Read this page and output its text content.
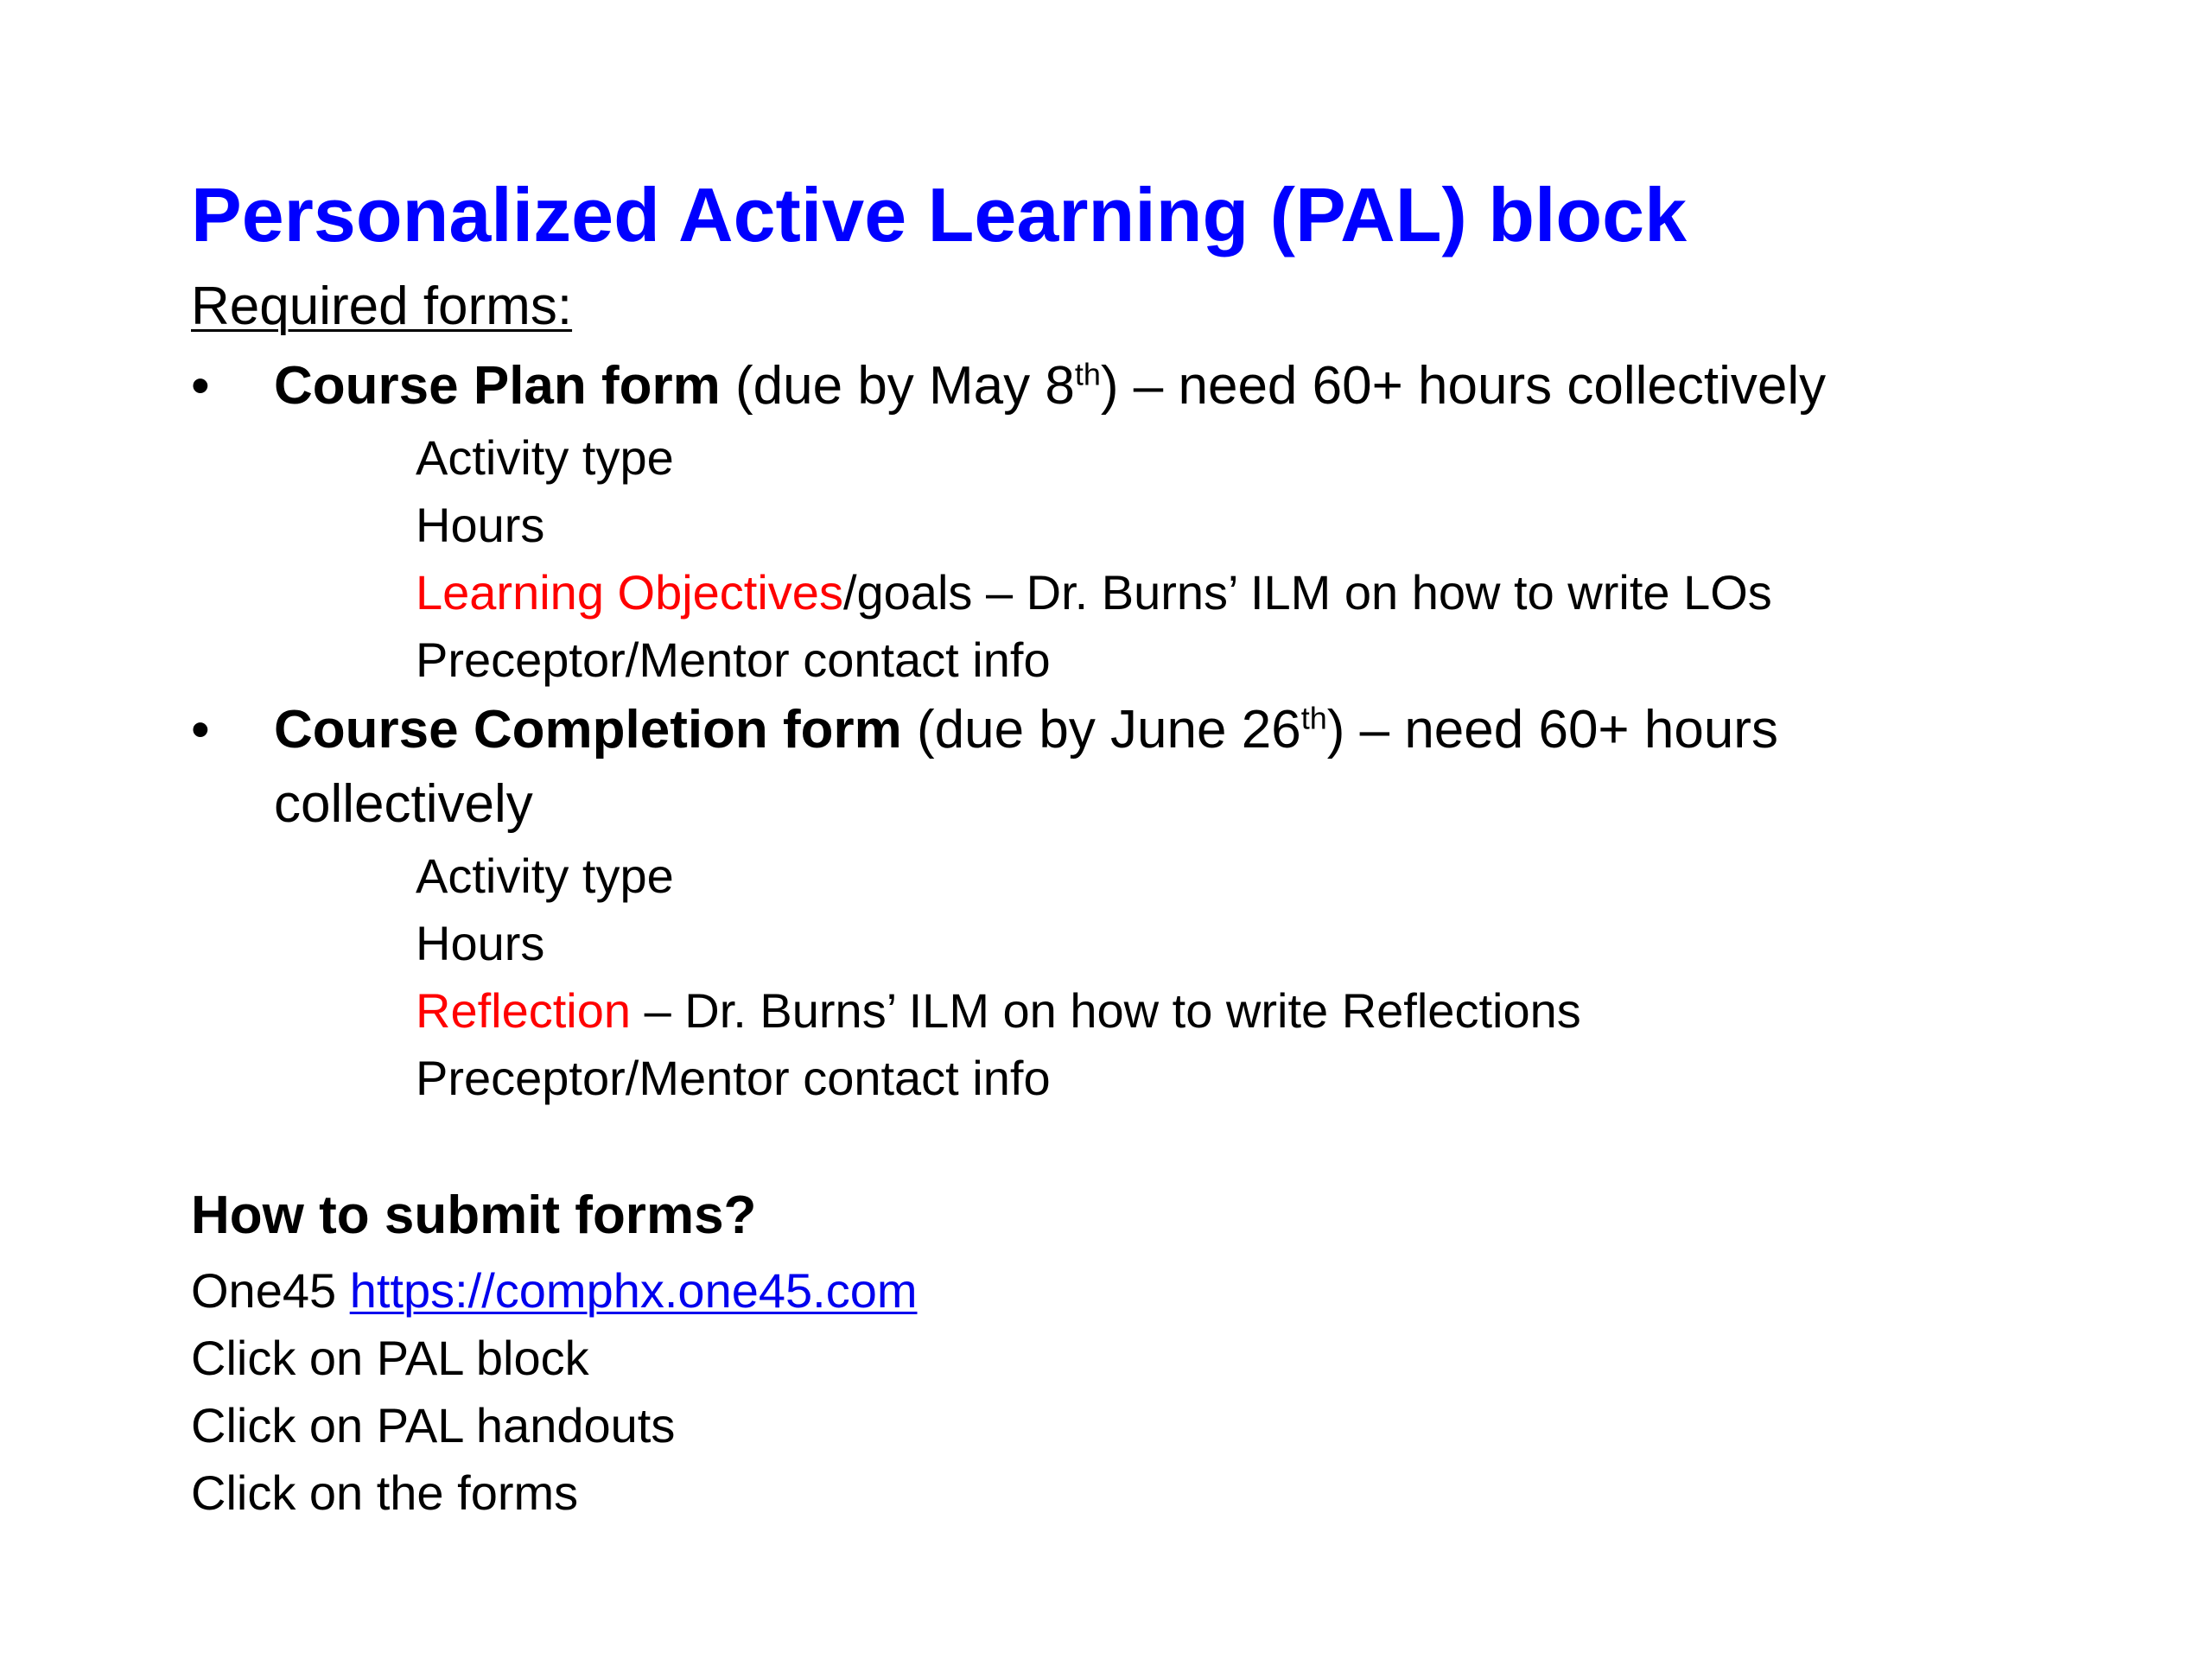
Personalized Active Learning (PAL) block
Required forms:
• Course Plan form (due by May 8th) – need 60+ hours collectively
Activity type
Hours
Learning Objectives/goals – Dr. Burns’ ILM on how to write LOs
Preceptor/Mentor contact info
• Course Completion form (due by June 26th) – need 60+ hours
collectively
Activity type
Hours
Reflection – Dr. Burns’ ILM on how to write Reflections
Preceptor/Mentor contact info
How to submit forms?
One45 https://comphx.one45.com
Click on PAL block
Click on PAL handouts
Click on the forms
